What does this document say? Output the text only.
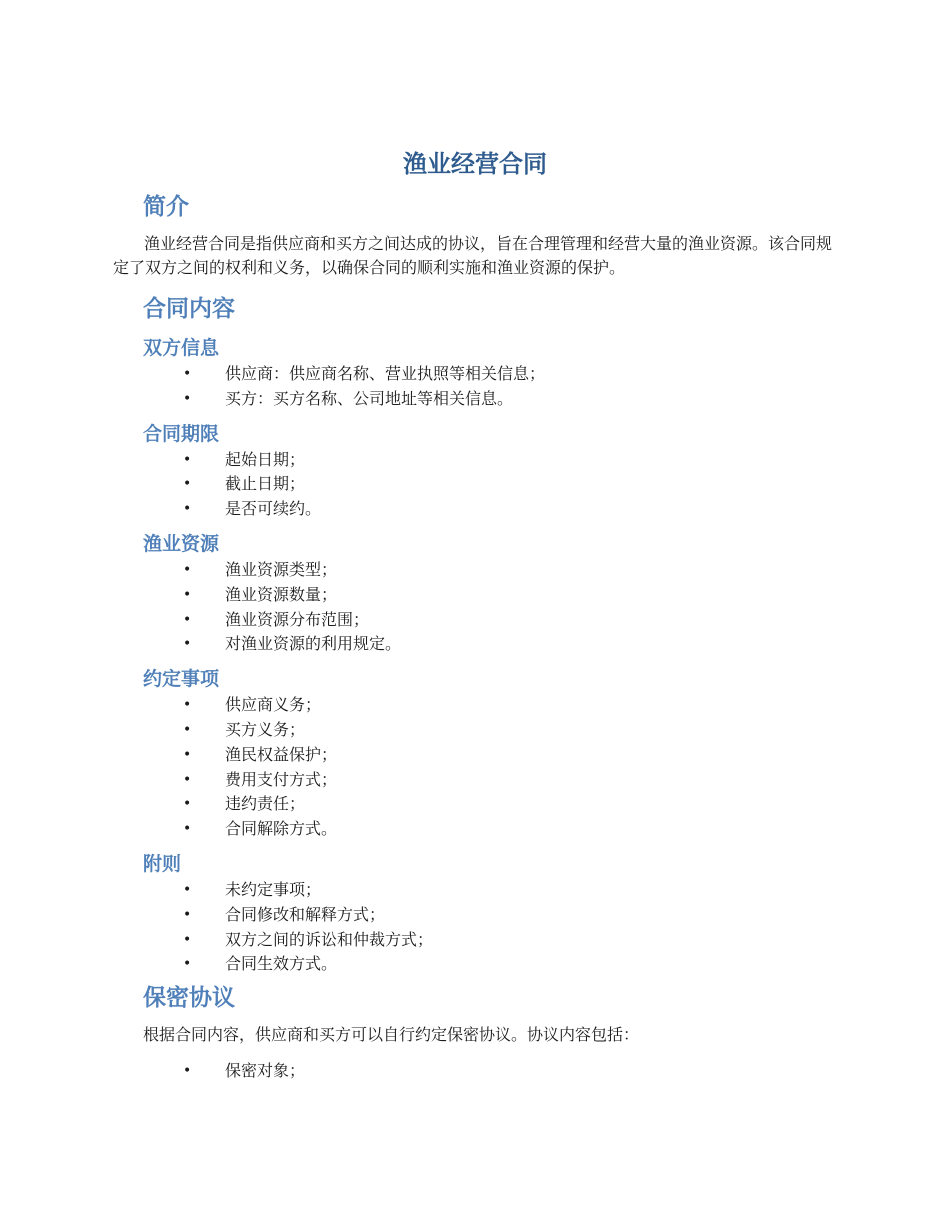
渔业经营合同
简介

渔业经营合同是指供应商和买方之间达成的协议，旨在合理管理和经营大量的渔业资源。该合同规定了双方之间的权利和义务，以确保合同的顺利实施和渔业资源的保护。

合同内容
双方信息
• 供应商：供应商名称、营业执照等相关信息；
• 买方：买方名称、公司地址等相关信息。
合同期限
• 起始日期；
• 截止日期；
• 是否可续约。
渔业资源
• 渔业资源类型；
• 渔业资源数量；
• 渔业资源分布范围；
• 对渔业资源的利用规定。
约定事项
• 供应商义务；
• 买方义务；
• 渔民权益保护；
• 费用支付方式；
• 违约责任；
• 合同解除方式。
附则
• 未约定事项；
• 合同修改和解释方式；
• 双方之间的诉讼和仲裁方式；
• 合同生效方式。
保密协议

根据合同内容，供应商和买方可以自行约定保密协议。协议内容包括：

• 保密对象；
